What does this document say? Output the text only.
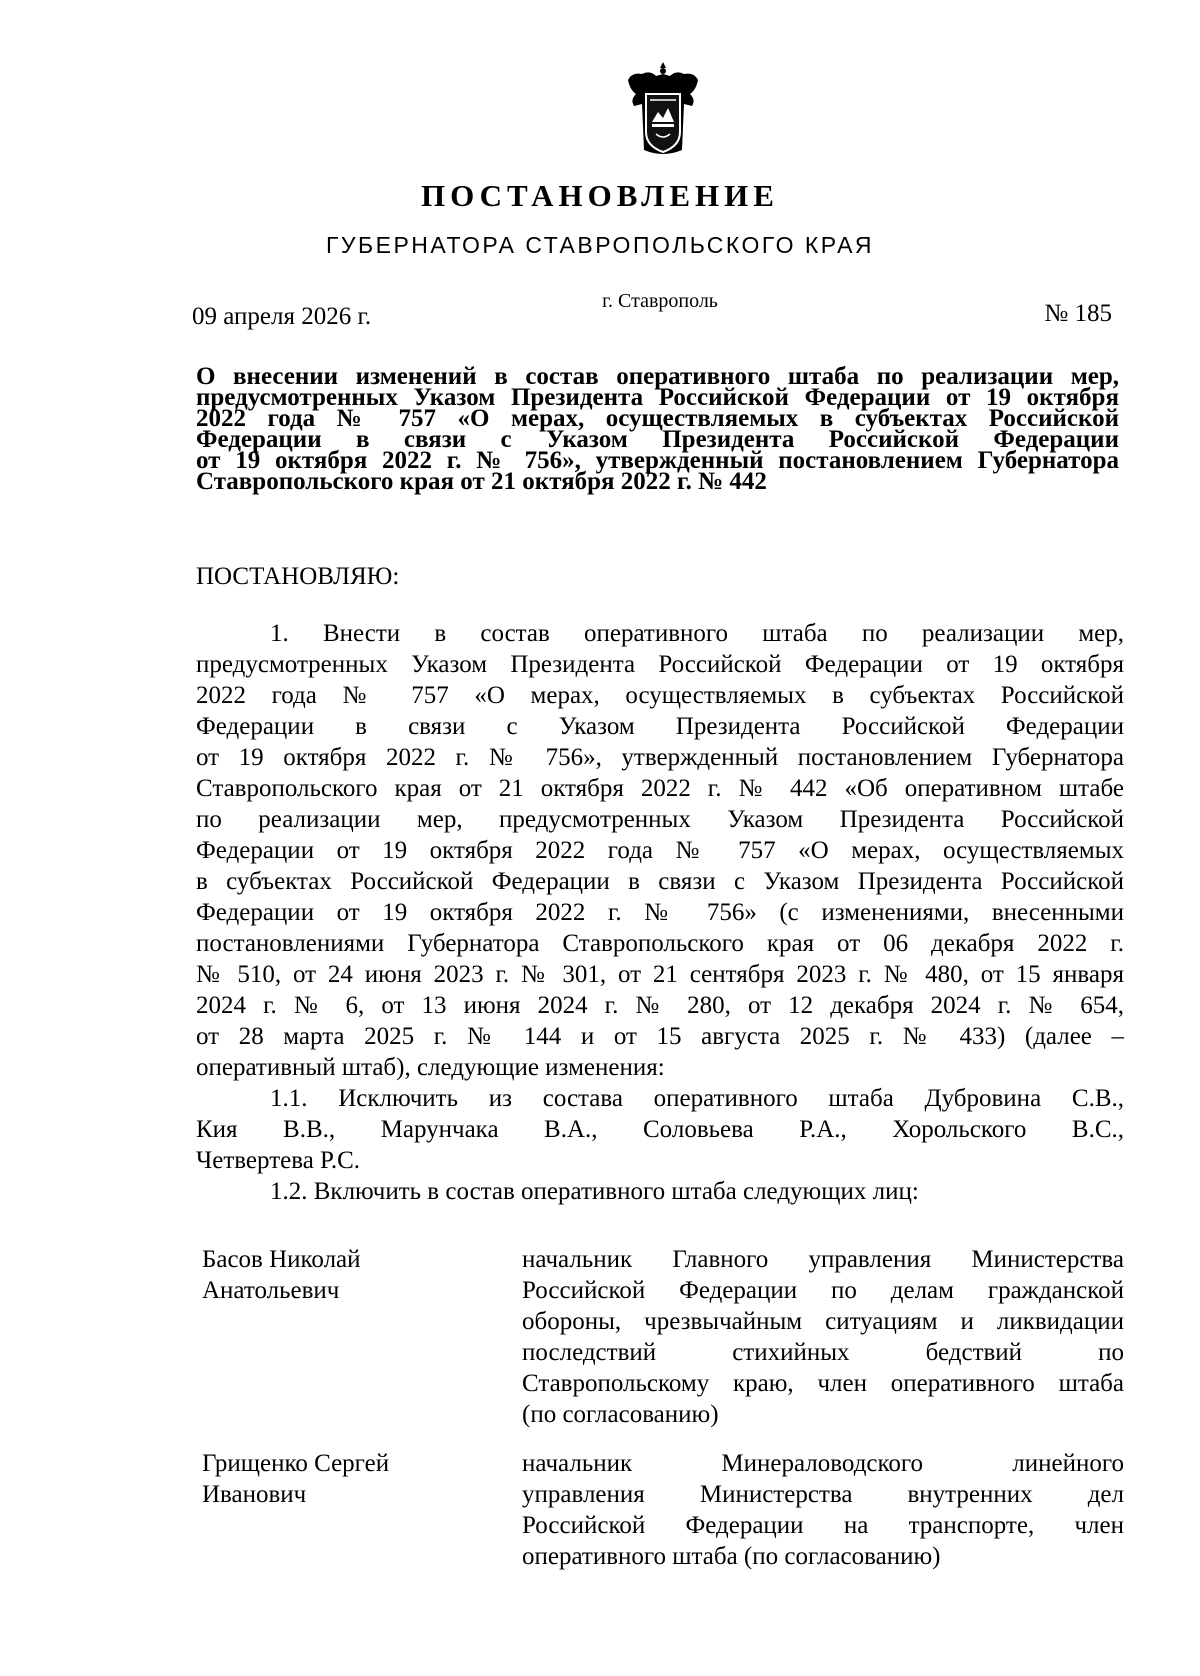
ПОСТАНОВЛЕНИЕ
ГУБЕРНАТОРА СТАВРОПОЛЬСКОГО КРАЯ
09 апреля 2026 г.
г. Ставрополь	№ 185

О внесении изменений в состав оперативного штаба по реализации мер,
предусмотренных Указом Президента Российской Федерации от 19 октября
2022 года № 757 «О мерах, осуществляемых в субъектах Российской
Федерации в связи с Указом Президента Российской Федерации
от 19 октября 2022 г. № 756», утвержденный постановлением Губернатора
Ставропольского края от 21 октября 2022 г. № 442

ПОСТАНОВЛЯЮ:

1. Внести в состав оперативного штаба по реализации мер,
предусмотренных Указом Президента Российской Федерации от 19 октября
2022 года № 757 «О мерах, осуществляемых в субъектах Российской
Федерации в связи с Указом Президента Российской Федерации
от 19 октября 2022 г. № 756», утвержденный постановлением Губернатора
Ставропольского края от 21 октября 2022 г. № 442 «Об оперативном штабе
по реализации мер, предусмотренных Указом Президента Российской
Федерации от 19 октября 2022 года № 757 «О мерах, осуществляемых
в субъектах Российской Федерации в связи с Указом Президента Российской
Федерации от 19 октября 2022 г. № 756» (с изменениями, внесенными
постановлениями Губернатора Ставропольского края от 06 декабря 2022 г.
№ 510, от 24 июня 2023 г. № 301, от 21 сентября 2023 г. № 480, от 15 января
2024 г. № 6, от 13 июня 2024 г. № 280, от 12 декабря 2024 г. № 654,
от 28 марта 2025 г. № 144 и от 15 августа 2025 г. № 433) (далее –
оперативный штаб), следующие изменения:
1.1. Исключить из состава оперативного штаба Дубровина С.В.,
Кия В.В., Марунчака В.А., Соловьева Р.А., Хорольского В.С.,
Четвертева Р.С.
1.2. Включить в состав оперативного штаба следующих лиц:

Басов Николай
Анатольевич
начальник Главного управления Министерства
Российской Федерации по делам гражданской
обороны, чрезвычайным ситуациям и ликвидации
последствий стихийных бедствий по
Ставропольскому краю, член оперативного штаба
(по согласованию)
Грищенко Сергей
Иванович
начальник Минераловодского линейного
управления Министерства внутренних дел
Российской Федерации на транспорте, член
оперативного штаба (по согласованию)
